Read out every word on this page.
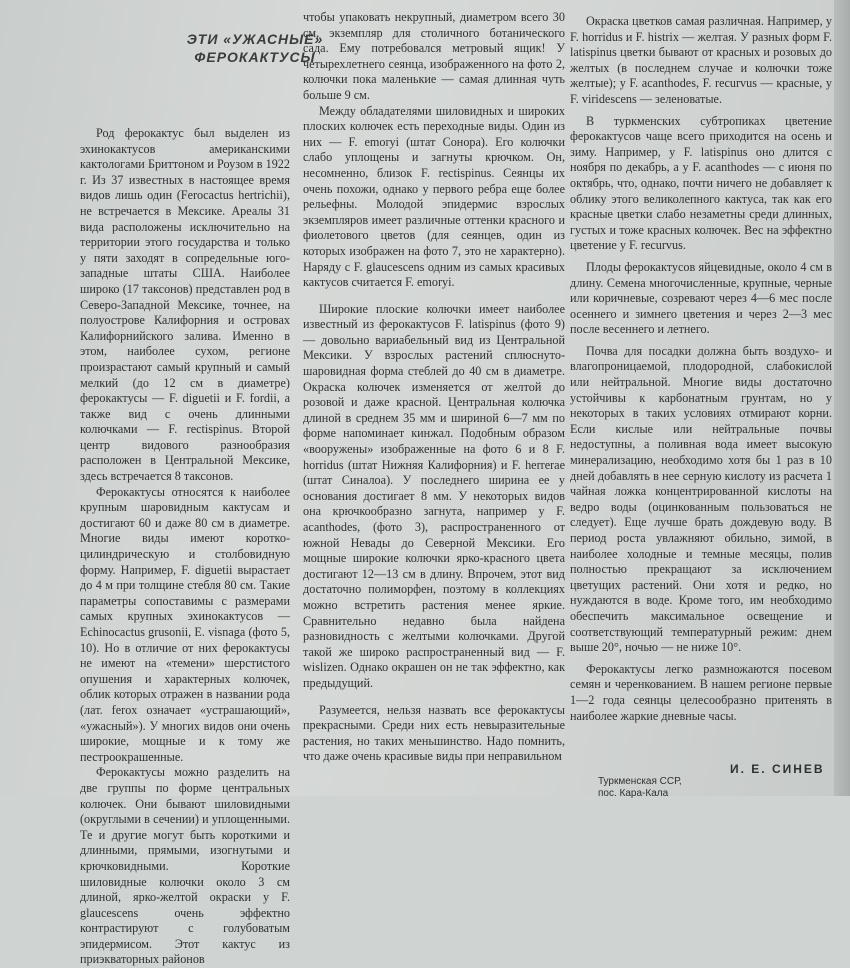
ЭТИ «УЖАСНЫЕ»
ФЕРОКАКТУСЫ

Род ферокактус был выделен из эхинокактусов американскими кактологами Бриттоном и Роузом в 1922 г. Из 37 известных в настоящее время видов лишь один (Ferocactus hertrichii), не встречается в Мексике. Ареалы 31 вида расположены исключительно на территории этого государства и только у пяти заходят в сопредельные юго-западные штаты США. Наиболее широко (17 таксонов) представлен род в Северо-Западной Мексике, точнее, на полуострове Калифорния и островах Калифорнийского залива. Именно в этом, наиболее сухом, регионе произрастают самый крупный и самый мелкий (до 12 см в диаметре) ферокактусы — F. diguetii и F. fordii, а также вид с очень длинными колючками — F. rectispinus. Второй центр видового разнообразия расположен в Центральной Мексике, здесь встречается 8 таксонов.

Ферокактусы относятся к наиболее крупным шаровидным кактусам и достигают 60 и даже 80 см в диаметре. Многие виды имеют короткоцилиндрическую и столбовидную форму. Например, F. diguetii вырастает до 4 м при толщине стебля 80 см. Такие параметры сопоставимы с размерами самых крупных эхинокактусов — Echinocactus grusonii, E. visnaga (фото 5, 10). Но в отличие от них ферокактусы не имеют на «темени» шерстистого опушения и характерных колючек, облик которых отражен в названии рода (лат. ferox означает «устрашающий», «ужасный»). У многих видов они очень широкие, мощные и к тому же пестроокрашенные.

Ферокактусы можно разделить на две группы по форме центральных колючек. Они бывают шиловидными (округлыми в сечении) и уплощенными. Те и другие могут быть короткими и длинными, прямыми, изогнутыми и крючковидными. Короткие шиловидные колючки около 3 см длиной, ярко-желтой окраски у F. glaucescens очень эффектно контрастируют с голубоватым эпидермисом. Этот кактус из приэкваторных районов

чтобы упаковать некрупный, диаметром всего 30 см, экземпляр для столичного ботанического сада. Ему потребовался метровый ящик! У четырехлетнего сеянца, изображенного на фото 2, колючки пока маленькие — самая длинная чуть больше 9 см.

Между обладателями шиловидных и широких плоских колючек есть переходные виды. Один из них — F. emoryi (штат Сонора). Его колючки слабо уплощены и загнуты крючком. Он, несомненно, близок F. rectispinus. Сеянцы их очень похожи, однако у первого ребра еще более рельефны. Молодой эпидермис взрослых экземпляров имеет различные оттенки красного и фиолетового цветов (для сеянцев, один из которых изображен на фото 7, это не характерно). Наряду с F. glaucescens одним из самых красивых кактусов считается F. emoryi.

Широкие плоские колючки имеет наиболее известный из ферокактусов F. latispinus (фото 9) — довольно вариабельный вид из Центральной Мексики. У взрослых растений сплюснуто-шаровидная форма стеблей до 40 см в диаметре. Окраска колючек изменяется от желтой до розовой и даже красной. Центральная колючка длиной в среднем 35 мм и шириной 6—7 мм по форме напоминает кинжал. Подобным образом «вооружены» изображенные на фото 6 и 8 F. horridus (штат Нижняя Калифорния) и F. herrerae (штат Синалоа). У последнего ширина ее у основания достигает 8 мм. У некоторых видов она крючкообразно загнута, например у F. acanthodes, (фото 3), распространенного от южной Невады до Северной Мексики. Его мощные широкие колючки ярко-красного цвета достигают 12—13 см в длину. Впрочем, этот вид достаточно полиморфен, поэтому в коллекциях можно встретить растения менее яркие. Сравнительно недавно была найдена разновидность с желтыми колючками. Другой такой же широко распространенный вид — F. wislizen. Однако окрашен он не так эффектно, как предыдущий.

Разумеется, нельзя назвать все ферокактусы прекрасными. Среди них есть невыразительные растения, но таких меньшинство. Надо помнить, что даже очень красивые виды при неправильном

Окраска цветков самая различная. Например, у F. horridus и F. histrix — желтая. У разных форм F. latispinus цветки бывают от красных и розовых до желтых (в последнем случае и колючки тоже желтые); у F. acanthodes, F. recurvus — красные, у F. viridescens — зеленоватые.

В туркменских субтропиках цветение ферокактусов чаще всего приходится на осень и зиму. Например, у F. latispinus оно длится с ноября по декабрь, а у F. acanthodes — с июня по октябрь, что, однако, почти ничего не добавляет к облику этого великолепного кактуса, так как его красные цветки слабо незаметны среди длинных, густых и тоже красных колючек. Вес на эффектно цветение у F. recurvus.

Плоды ферокактусов яйцевидные, около 4 см в длину. Семена многочисленные, крупные, черные или коричневые, созревают через 4—6 мес после осеннего и зимнего цветения и через 2—3 мес после весеннего и летнего.

Почва для посадки должна быть воздухо- и влагопроницаемой, плодородной, слабокислой или нейтральной. Многие виды достаточно устойчивы к карбонатным грунтам, но у некоторых в таких условиях отмирают корни. Если кислые или нейтральные почвы недоступны, а поливная вода имеет высокую минерализацию, необходимо хотя бы 1 раз в 10 дней добавлять в нее серную кислоту из расчета 1 чайная ложка концентрированной кислоты на ведро воды (оцинкованным пользоваться не следует). Еще лучше брать дождевую воду. В период роста увлажняют обильно, зимой, в наиболее холодные и темные месяцы, полив полностью прекращают за исключением цветущих растений. Они хотя и редко, но нуждаются в воде. Кроме того, им необходимо обеспечить максимальное освещение и соответствующий температурный режим: днем выше 20°, ночью — не ниже 10°.

Ферокактусы легко размножаются посевом семян и черенкованием. В нашем регионе первые 1—2 года сеянцы целесообразно притенять в наиболее жаркие дневные часы.

И. Е. СИНЕВ
Туркменская ССР,
пос. Кара-Кала
